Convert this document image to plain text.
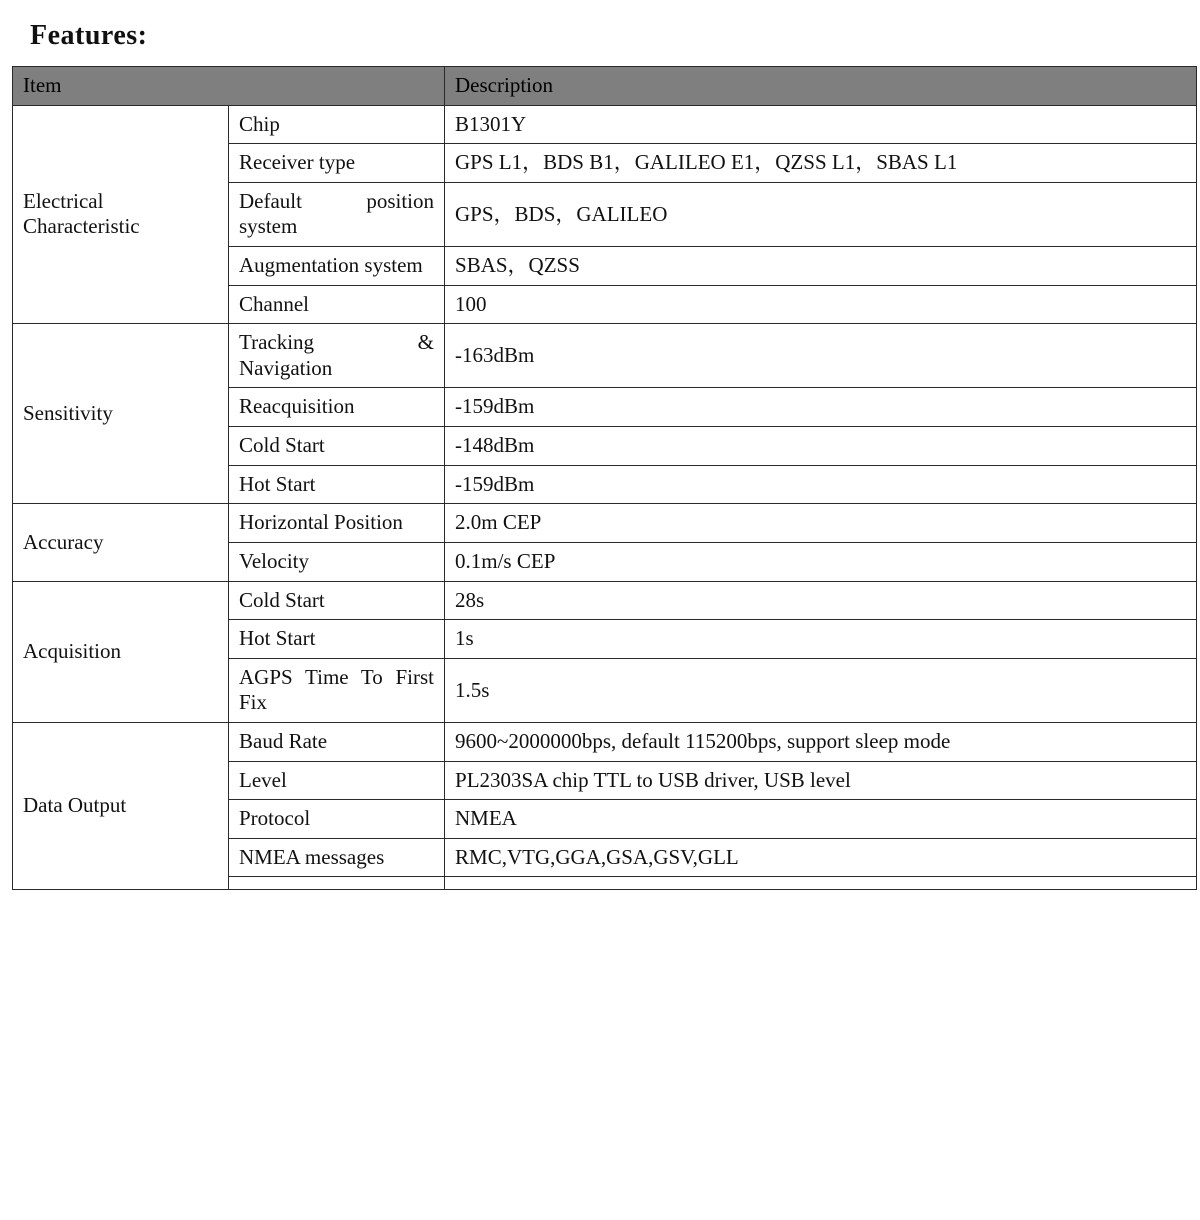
Features:
Item		Description
Electrical Characteristic	Chip	B1301Y
	Receiver type	GPS L1，BDS B1，GALILEO E1，QZSS L1，SBAS L1
	Default position system	GPS，BDS，GALILEO
	Augmentation system	SBAS，QZSS
	Channel	100
Sensitivity	Tracking & Navigation	-163dBm
	Reacquisition	-159dBm
	Cold Start	-148dBm
	Hot Start	-159dBm
Accuracy	Horizontal Position	2.0m CEP
	Velocity	0.1m/s CEP
Acquisition	Cold Start	28s
	Hot Start	1s
	AGPS Time To First Fix	1.5s
Data Output	Baud Rate	9600~2000000bps, default 115200bps, support sleep mode
	Level	PL2303SA chip TTL to USB driver, USB level
	Protocol	NMEA
	NMEA messages	RMC,VTG,GGA,GSA,GSV,GLL
